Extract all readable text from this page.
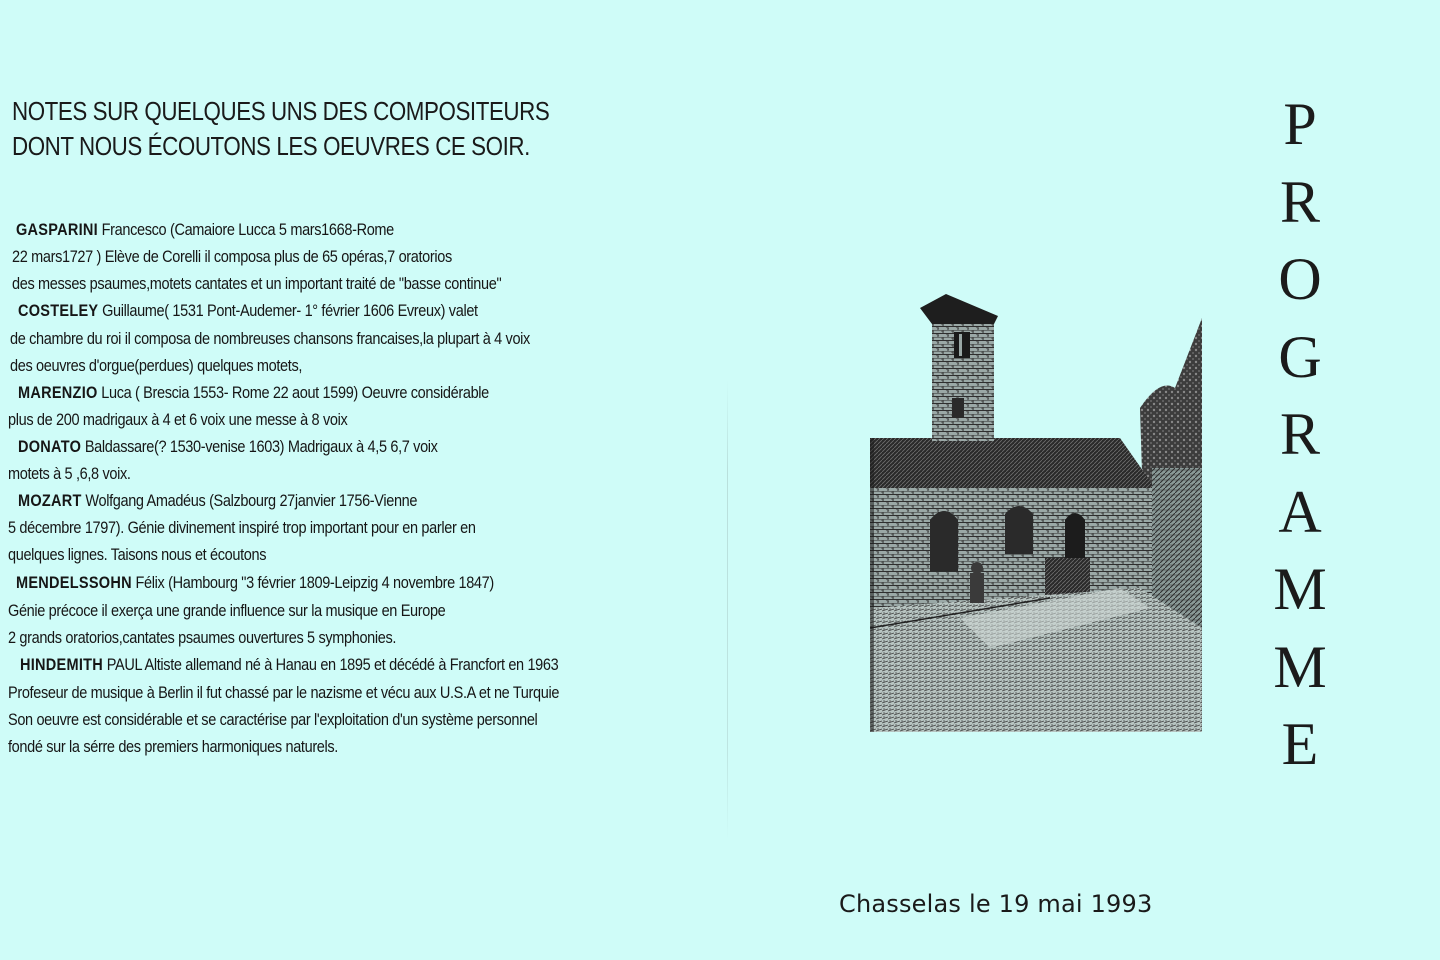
NOTES SUR QUELQUES UNS DES COMPOSITEURS
DONT NOUS ÉCOUTONS LES OEUVRES CE SOIR.
GASPARINI Francesco (Camaiore Lucca 5 mars1668-Rome
22 mars1727 ) Elève de Corelli il composa plus de 65 opéras,7 oratorios
des messes psaumes,motets cantates et un important traité de "basse continue"
COSTELEY Guillaume( 1531 Pont-Audemer- 1° février 1606 Evreux) valet
de chambre du roi il composa de nombreuses chansons francaises,la plupart à 4 voix
des oeuvres d'orgue(perdues) quelques motets,
MARENZIO Luca ( Brescia 1553- Rome 22 aout 1599) Oeuvre considérable
plus de 200 madrigaux à 4 et 6 voix une messe à 8 voix
DONATO Baldassare(? 1530-venise 1603) Madrigaux à 4,5 6,7 voix
motets à 5 ,6,8 voix.
MOZART Wolfgang Amadéus (Salzbourg 27janvier 1756-Vienne
5 décembre 1797). Génie divinement inspiré trop important pour en parler en
quelques lignes. Taisons nous et écoutons
MENDELSSOHN Félix (Hambourg "3 février 1809-Leipzig 4 novembre 1847)
Génie précoce il exerça une grande influence sur la musique en Europe
2 grands oratorios,cantates psaumes ouvertures 5 symphonies.
HINDEMITH PAUL Altiste allemand né à Hanau en 1895 et décédé à Francfort en 1963
Profeseur de musique à Berlin il fut chassé par le nazisme et vécu aux U.S.A et ne Turquie
Son oeuvre est considérable et se caractérise par l'exploitation d'un système personnel
fondé sur la sérre des premiers harmoniques naturels.
P
R
O
G
R
A
M
M
E
Chasselas le 19 mai 1993
